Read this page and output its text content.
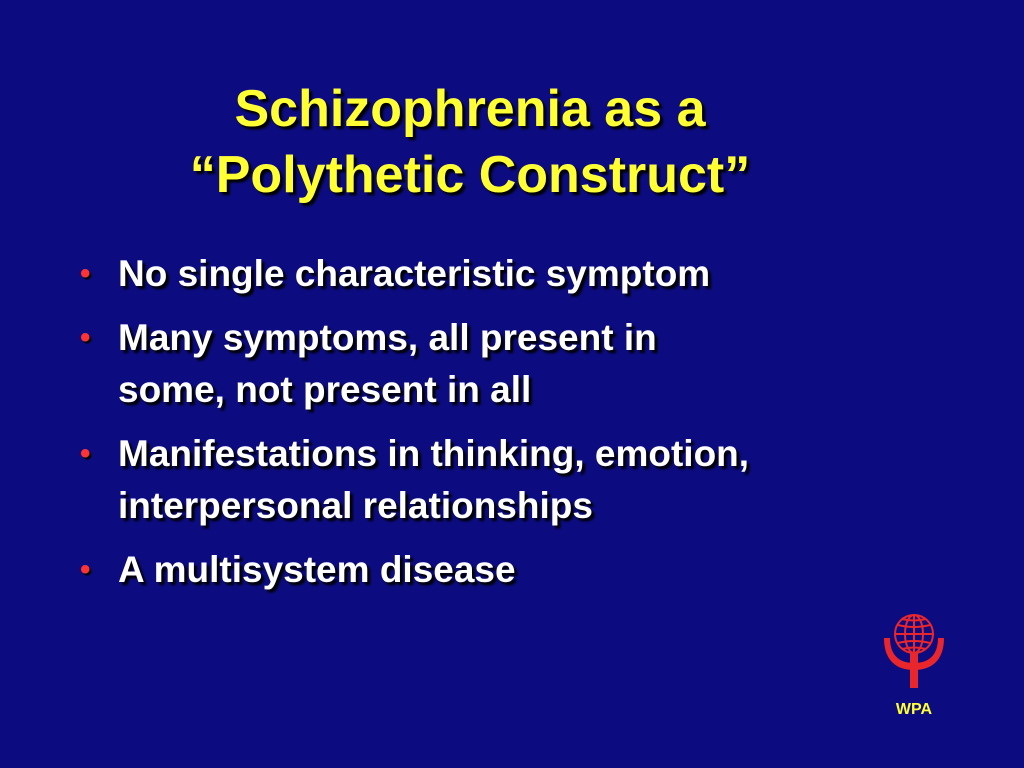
Schizophrenia as a
“Polythetic Construct”
• No single characteristic symptom
• Many symptoms, all present in
some, not present in all
• Manifestations in thinking, emotion,
interpersonal relationships
• A multisystem disease
WPA
